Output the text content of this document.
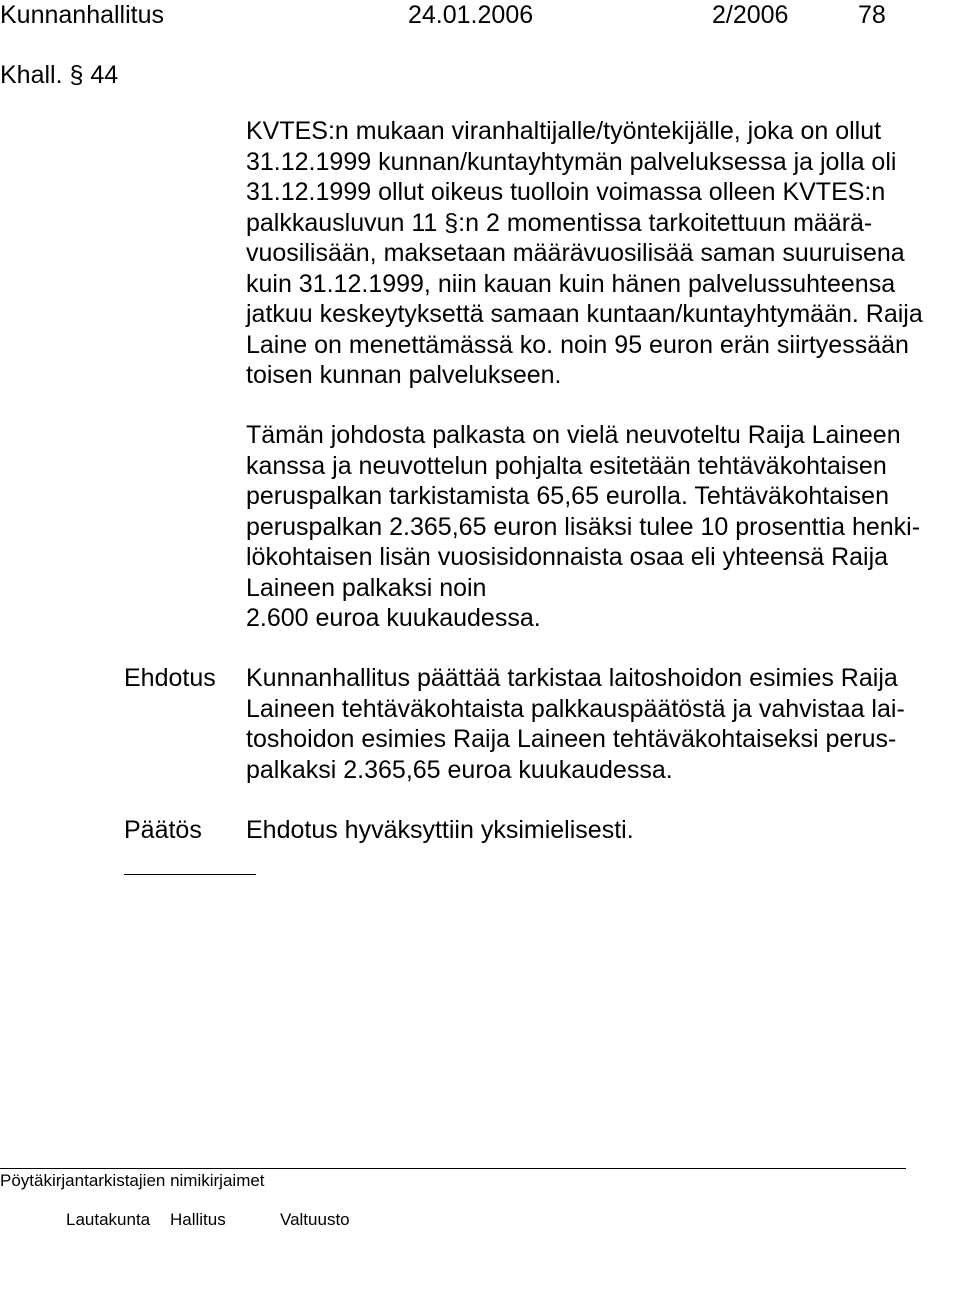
Kunnanhallitus	24.01.2006	2/2006	78
Khall. § 44
KVTES:n mukaan viranhaltijalle/työntekijälle, joka on ollut
31.12.1999 kunnan/kuntayhtymän palveluksessa ja jolla oli
31.12.1999 ollut oikeus tuolloin voimassa olleen KVTES:n
palkkausluvun 11 §:n 2 momentissa tarkoitettuun määrä-
vuosilisään, maksetaan määrävuosilisää saman suuruisena
kuin 31.12.1999, niin kauan kuin hänen palvelussuhteensa
jatkuu keskeytyksettä samaan kuntaan/kuntayhtymään. Raija
Laine on menettämässä ko. noin 95 euron erän siirtyessään
toisen kunnan palvelukseen.
Tämän johdosta palkasta on vielä neuvoteltu Raija Laineen
kanssa ja neuvottelun pohjalta esitetään tehtäväkohtaisen
peruspalkan tarkistamista 65,65 eurolla. Tehtäväkohtaisen
peruspalkan 2.365,65 euron lisäksi tulee 10 prosenttia henki-
lökohtaisen lisän vuosisidonnaista osaa eli yhteensä Raija
Laineen palkaksi noin
2.600 euroa kuukaudessa.
Ehdotus Kunnanhallitus päättää tarkistaa laitoshoidon esimies Raija
Laineen tehtäväkohtaista palkkauspäätöstä ja vahvistaa lai-
toshoidon esimies Raija Laineen tehtäväkohtaiseksi perus-
palkaksi 2.365,65 euroa kuukaudessa.
Päätös Ehdotus hyväksyttiin yksimielisesti.
Pöytäkirjantarkistajien nimikirjaimet
Lautakunta Hallitus	Valtuusto
